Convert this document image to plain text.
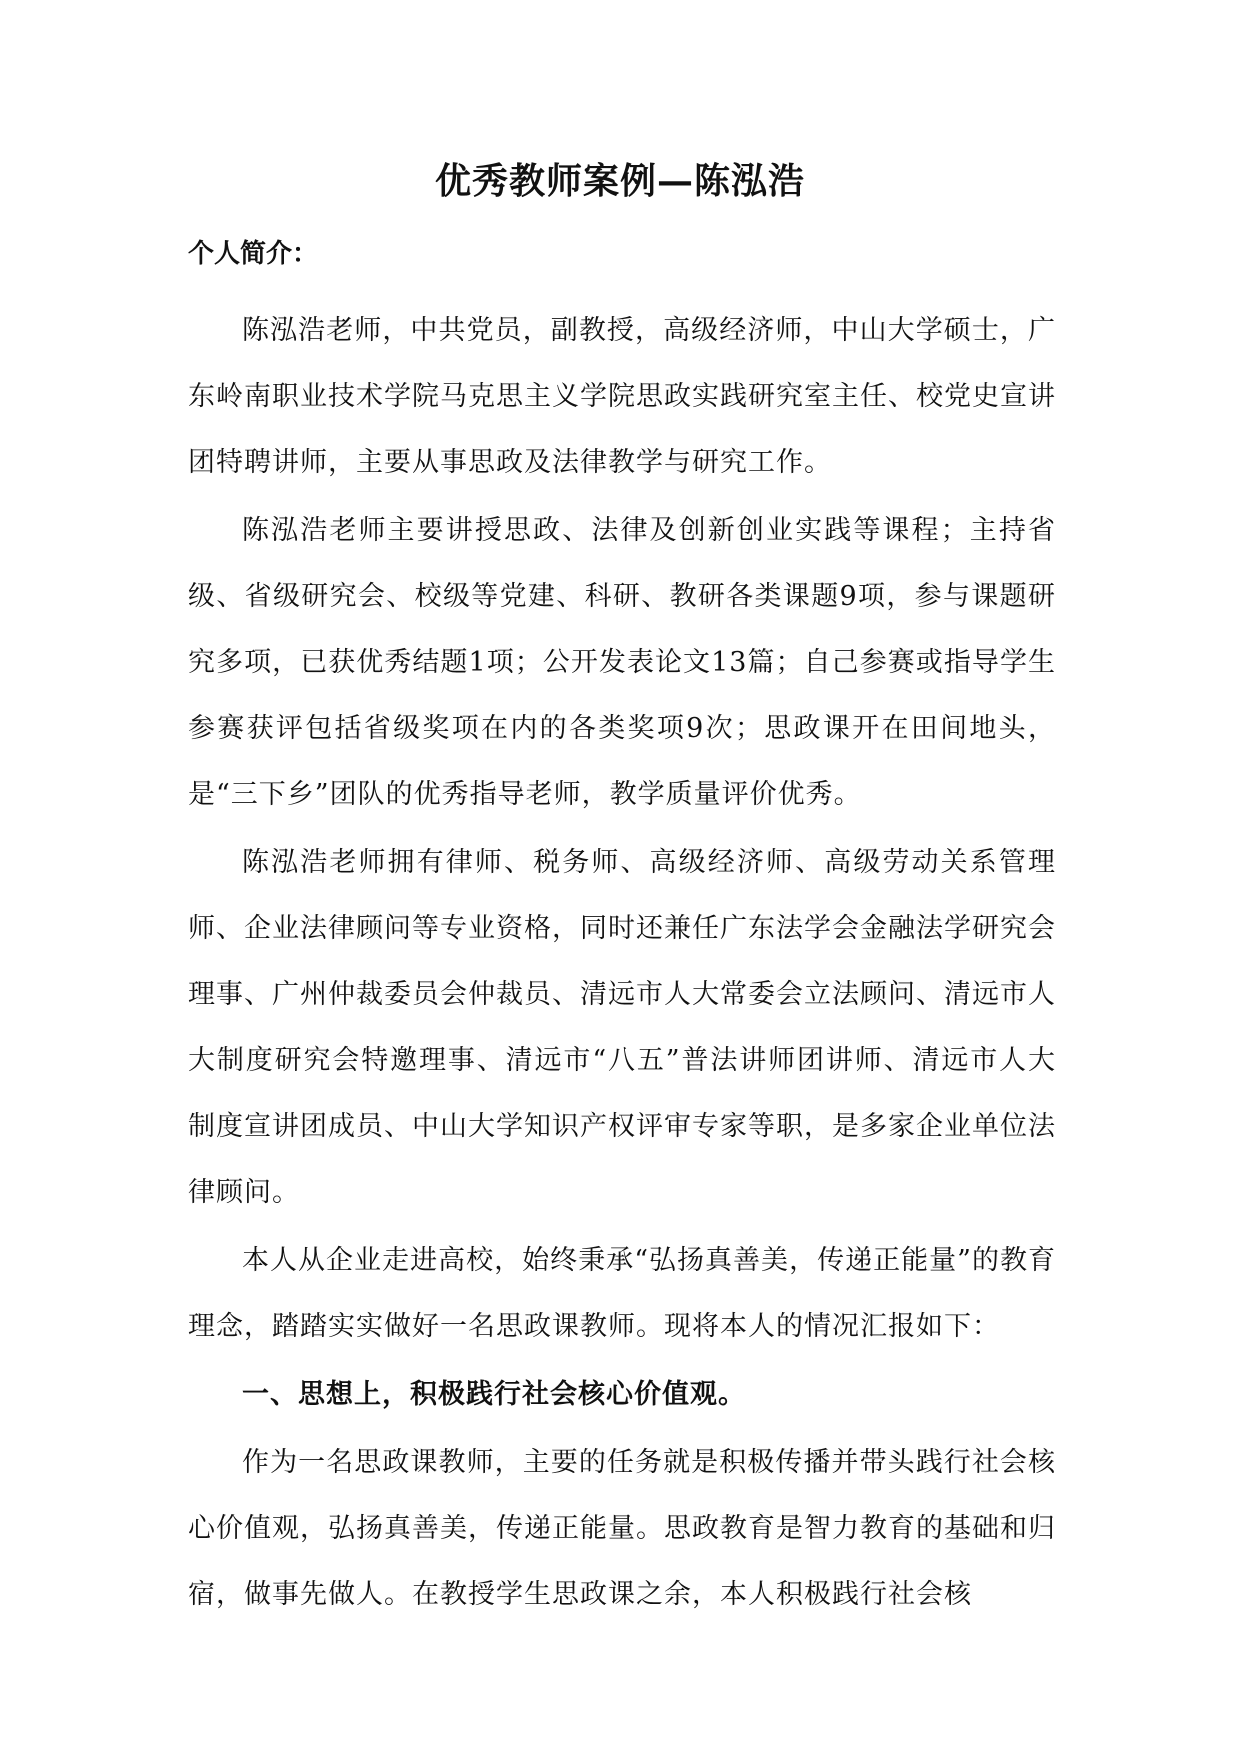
优秀教师案例—陈泓浩
个人简介：

陈泓浩老师，中共党员，副教授，高级经济师，中山大学硕士，广东岭南职业技术学院马克思主义学院思政实践研究室主任、校党史宣讲团特聘讲师，主要从事思政及法律教学与研究工作。

陈泓浩老师主要讲授思政、法律及创新创业实践等课程；主持省级、省级研究会、校级等党建、科研、教研各类课题9项，参与课题研究多项，已获优秀结题1项；公开发表论文13篇；自己参赛或指导学生参赛获评包括省级奖项在内的各类奖项9次；思政课开在田间地头，是“三下乡”团队的优秀指导老师，教学质量评价优秀。

陈泓浩老师拥有律师、税务师、高级经济师、高级劳动关系管理师、企业法律顾问等专业资格，同时还兼任广东法学会金融法学研究会理事、广州仲裁委员会仲裁员、清远市人大常委会立法顾问、清远市人大制度研究会特邀理事、清远市“八五”普法讲师团讲师、清远市人大制度宣讲团成员、中山大学知识产权评审专家等职，是多家企业单位法律顾问。

本人从企业走进高校，始终秉承“弘扬真善美，传递正能量”的教育理念，踏踏实实做好一名思政课教师。现将本人的情况汇报如下：

一、思想上，积极践行社会核心价值观。

作为一名思政课教师，主要的任务就是积极传播并带头践行社会核心价值观，弘扬真善美，传递正能量。思政教育是智力教育的基础和归宿，做事先做人。在教授学生思政课之余，本人积极践行社会核
